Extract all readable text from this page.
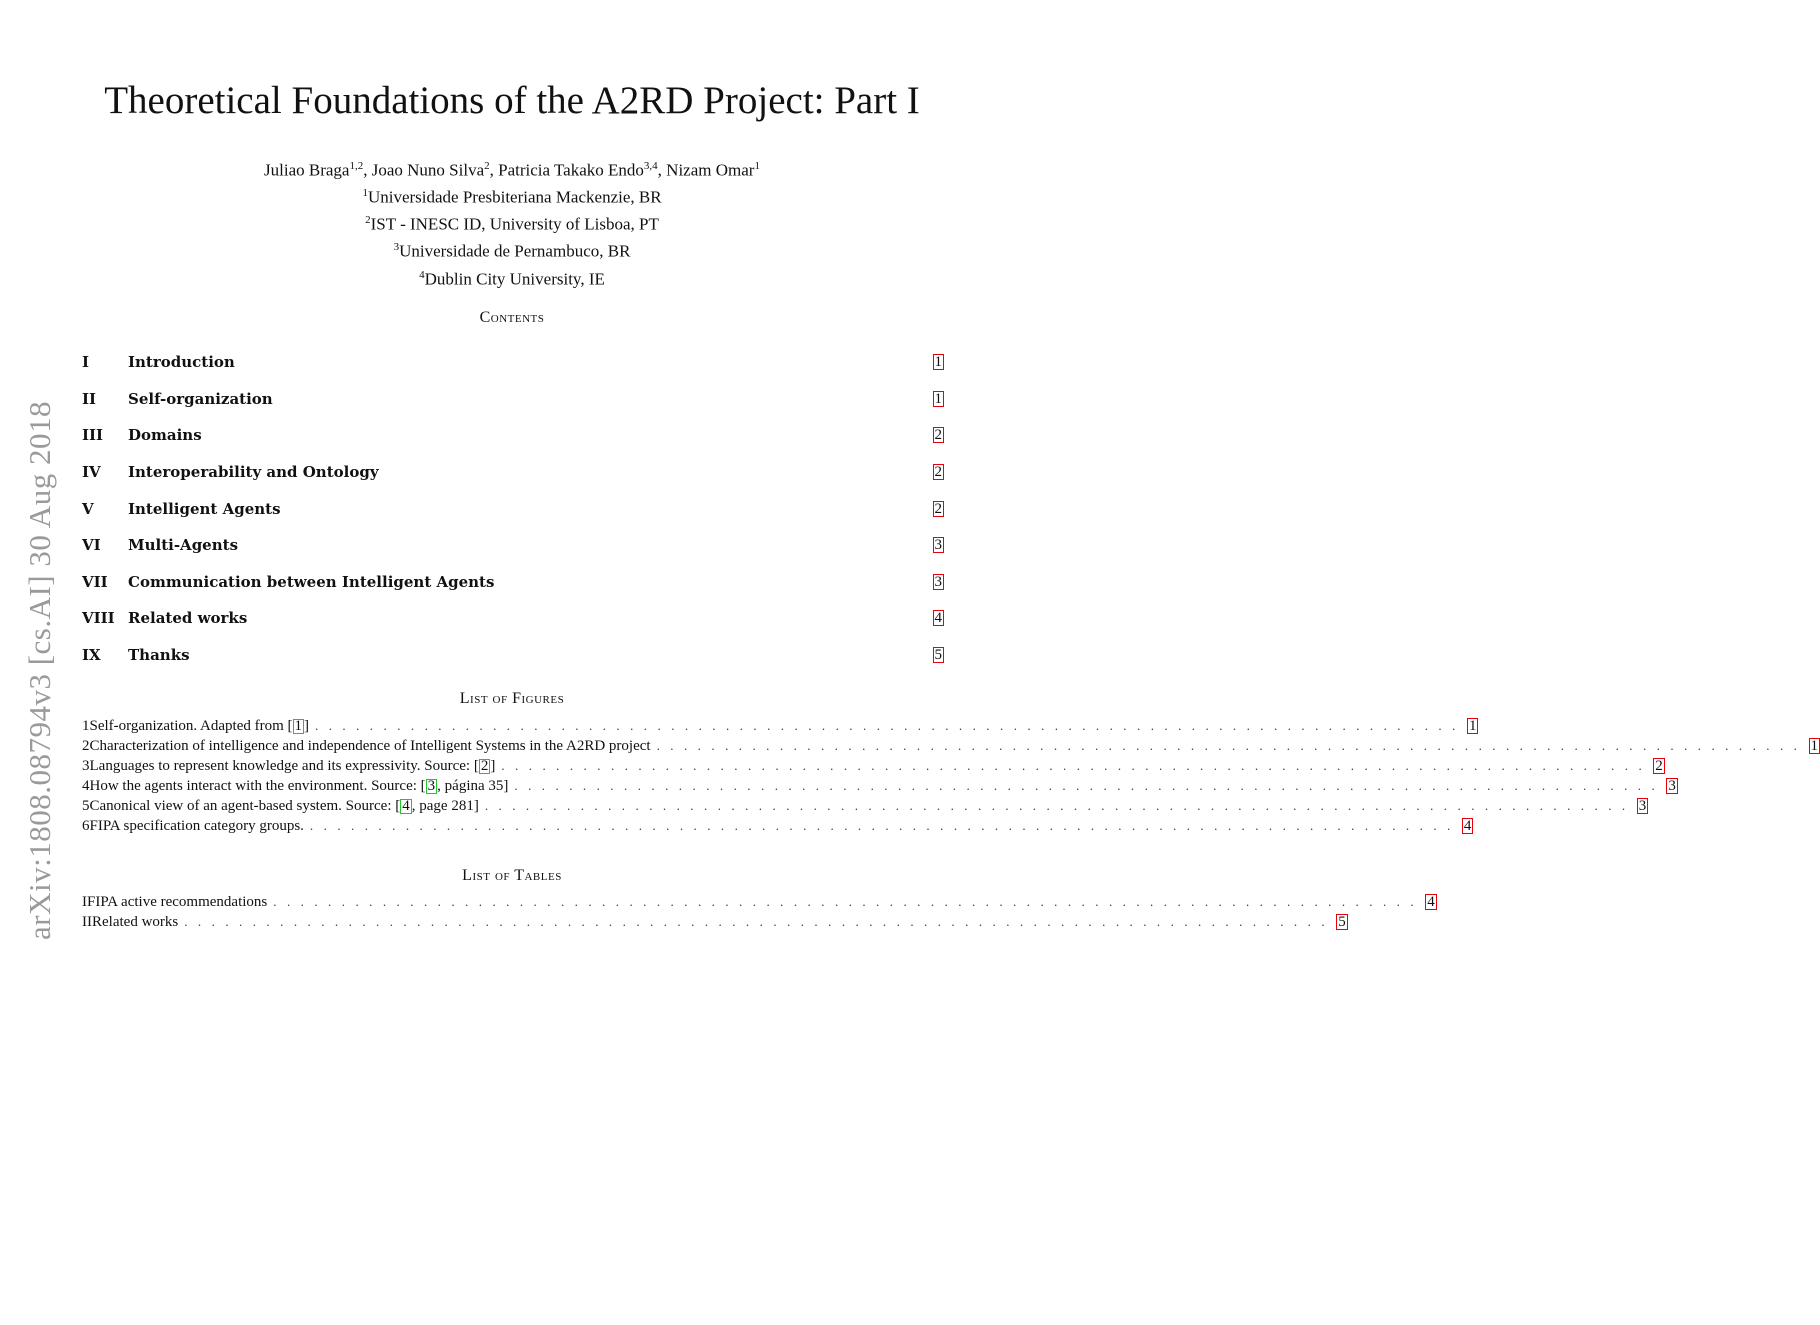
arXiv:1808.08794v3 [cs.AI] 30 Aug 2018
Theoretical Foundations of the A2RD Project: Part I
Juliao Braga$^{1,2}$, Joao Nuno Silva$^2$, Patricia Takako Endo$^{3,4}$, Nizam Omar$^1$
$^1$Universidade Presbiteriana Mackenzie, BR
$^2$IST - INESC ID, University of Lisboa, PT
$^3$Universidade de Pernambuco, BR
$^4$Dublin City University, IE
Contents
I	Introduction	1
II	Self-organization	1
III	Domains	2
IV	Interoperability and Ontology	2
V	Intelligent Agents	2
VI	Multi-Agents	3
VII	Communication between Intelligent Agents	3
VIII Related works	4
IX	Thanks	5
List of Figures
1 Self-organization. Adapted from [ 1 ] . . . . . . . . . . . . . . . . . . . . . . . . . . . . . . . . . . . . . . . . . . . . . . . . . . . . . . . . . . . . . . . . . . . . . . . . . . . . . . . . . . . . 1
2 Characterization of intelligence and independence of Intelligent Systems in the A2RD project . . . . . . . . . . . . . . . . . . . . . . . . . . . . . . . . . . . . . . . . . . . . . . . . . . . . . . . . . . . . . . . . . . . . . . . . . . . . . . . . . . . . 1
3 Languages to represent knowledge and its expressivity. Source: [ 2 ] . . . . . . . . . . . . . . . . . . . . . . . . . . . . . . . . . . . . . . . . . . . . . . . . . . . . . . . . . . . . . . . . . . . . . . . . . . . . . . . . . . . . 2
4 How the agents interact with the environment. Source: [ 3 , página 35] . . . . . . . . . . . . . . . . . . . . . . . . . . . . . . . . . . . . . . . . . . . . . . . . . . . . . . . . . . . . . . . . . . . . . . . . . . . . . . . . . . . . 3
5 Canonical view of an agent-based system. Source: [ 4 , page 281] . . . . . . . . . . . . . . . . . . . . . . . . . . . . . . . . . . . . . . . . . . . . . . . . . . . . . . . . . . . . . . . . . . . . . . . . . . . . . . . . . . . . 3
6 FIPA specification category groups. . . . . . . . . . . . . . . . . . . . . . . . . . . . . . . . . . . . . . . . . . . . . . . . . . . . . . . . . . . . . . . . . . . . . . . . . . . . . . . . . . . . . 4
List of Tables
I FIPA active recommendations . . . . . . . . . . . . . . . . . . . . . . . . . . . . . . . . . . . . . . . . . . . . . . . . . . . . . . . . . . . . . . . . . . . . . . . . . . . . . . . . . . . . 4
II Related works . . . . . . . . . . . . . . . . . . . . . . . . . . . . . . . . . . . . . . . . . . . . . . . . . . . . . . . . . . . . . . . . . . . . . . . . . . . . . . . . . . . . 5
